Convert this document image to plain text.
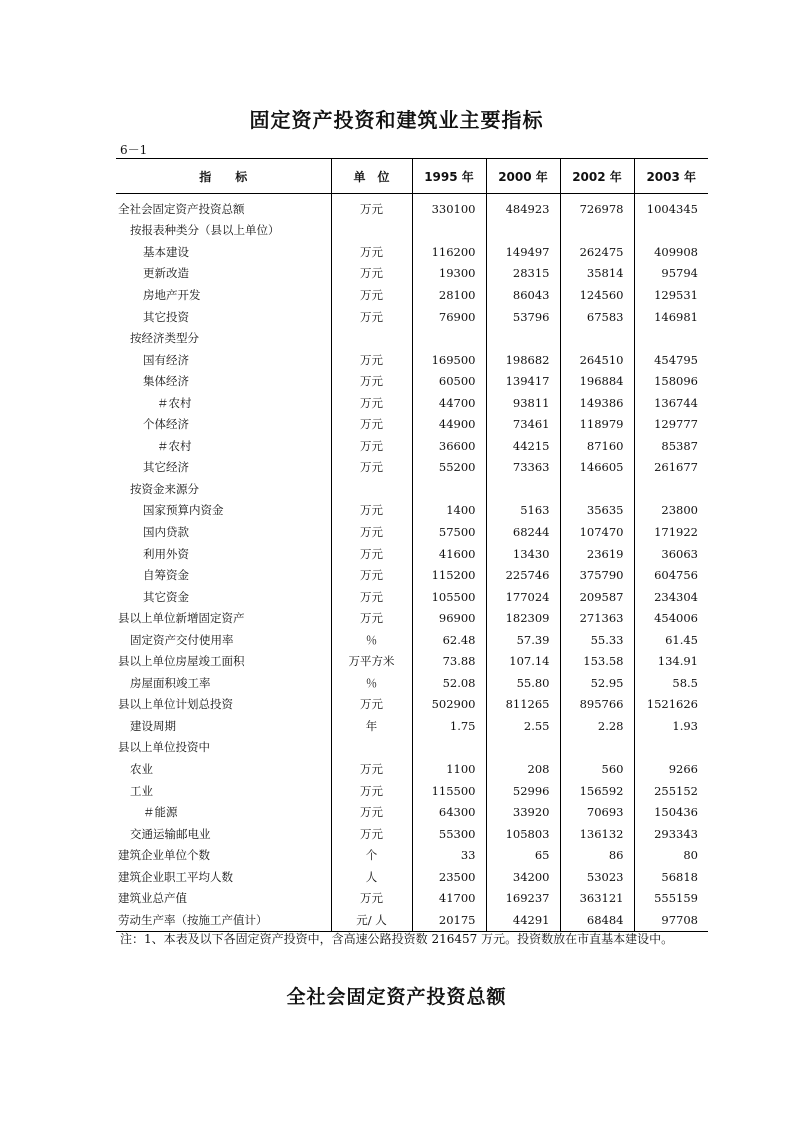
固定资产投资和建筑业主要指标
6－1
指　　标	单　位	1995 年	2000 年	2002 年	2003 年
全社会固定资产投资总额	万元	330100	484923	726978	1004345
按报表种类分（县以上单位）					
基本建设	万元	116200	149497	262475	409908
更新改造	万元	19300	28315	35814	95794
房地产开发	万元	28100	86043	124560	129531
其它投资	万元	76900	53796	67583	146981
按经济类型分					
国有经济	万元	169500	198682	264510	454795
集体经济	万元	60500	139417	196884	158096
＃农村	万元	44700	93811	149386	136744
个体经济	万元	44900	73461	118979	129777
＃农村	万元	36600	44215	87160	85387
其它经济	万元	55200	73363	146605	261677
按资金来源分					
国家预算内资金	万元	1400	5163	35635	23800
国内贷款	万元	57500	68244	107470	171922
利用外资	万元	41600	13430	23619	36063
自筹资金	万元	115200	225746	375790	604756
其它资金	万元	105500	177024	209587	234304
县以上单位新增固定资产	万元	96900	182309	271363	454006
固定资产交付使用率	％	62.48	57.39	55.33	61.45
县以上单位房屋竣工面积	万平方米	73.88	107.14	153.58	134.91
房屋面积竣工率	％	52.08	55.80	52.95	58.5
县以上单位计划总投资	万元	502900	811265	895766	1521626
建设周期	年	1.75	2.55	2.28	1.93
县以上单位投资中					
农业	万元	1100	208	560	9266
工业	万元	115500	52996	156592	255152
＃能源	万元	64300	33920	70693	150436
交通运输邮电业	万元	55300	105803	136132	293343
建筑企业单位个数	个	33	65	86	80
建筑企业职工平均人数	人	23500	34200	53023	56818
建筑业总产值	万元	41700	169237	363121	555159
劳动生产率（按施工产值计）	元/ 人	20175	44291	68484	97708
注：1、本表及以下各固定资产投资中，含高速公路投资数 216457 万元。投资数放在市直基本建设中。
全社会固定资产投资总额
